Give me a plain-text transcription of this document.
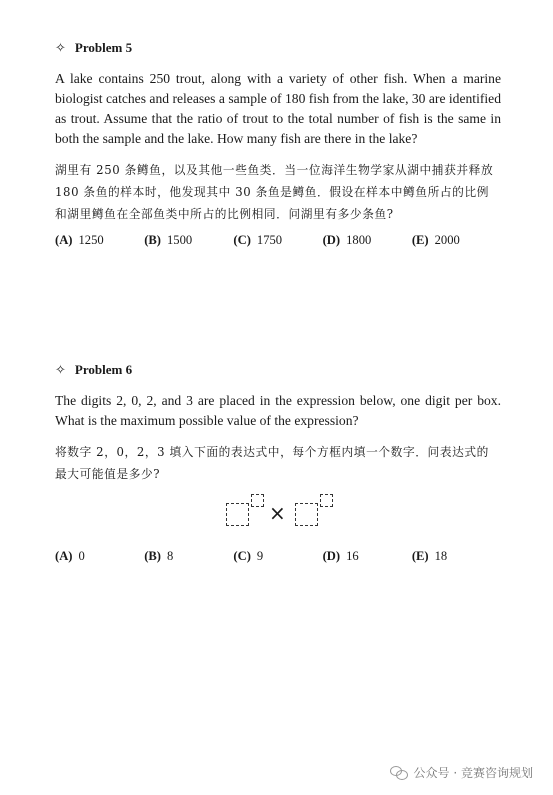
✧ Problem 5

A lake contains 250 trout, along with a variety of other fish. When a marine biologist catches and releases a sample of 180 fish from the lake, 30 are identified as trout. Assume that the ratio of trout to the total number of fish is the same in both the sample and the lake. How many fish are there in the lake?

湖里有 250 条鳟鱼，以及其他一些鱼类．当一位海洋生物学家从湖中捕获并释放 180 条鱼的样本时，他发现其中 30 条鱼是鳟鱼．假设在样本中鳟鱼所占的比例和湖里鳟鱼在全部鱼类中所占的比例相同．问湖里有多少条鱼?

(A) 1250	(B) 1500	(C) 1750	(D) 1800	(E) 2000
✧ Problem 6

The digits 2, 0, 2, and 3 are placed in the expression below, one digit per box. What is the maximum possible value of the expression?

将数字 2，0，2，3 填入下面的表达式中，每个方框内填一个数字．问表达式的最大可能值是多少?

×
(A) 0	(B) 8	(C) 9	(D) 16	(E) 18
公众号 · 竞赛咨询规划
